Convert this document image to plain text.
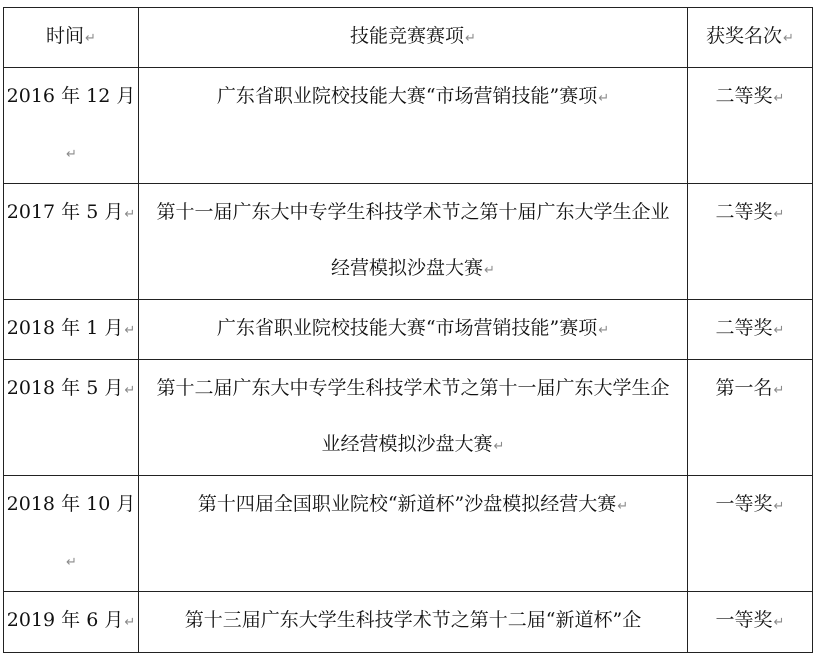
时间↵	技能竞赛赛项↵	获奖名次↵
2016 年 12 月↵	广东省职业院校技能大赛“市场营销技能”赛项↵	二等奖↵
2017 年 5 月↵	第十一届广东大中专学生科技学术节之第十届广东大学生企业经营模拟沙盘大赛↵	二等奖↵
2018 年 1 月↵	广东省职业院校技能大赛“市场营销技能”赛项↵	二等奖↵
2018 年 5 月↵	第十二届广东大中专学生科技学术节之第十一届广东大学生企业经营模拟沙盘大赛↵	第一名↵
2018 年 10 月↵	第十四届全国职业院校“新道杯”沙盘模拟经营大赛↵	一等奖↵
2019 年 6 月↵	第十三届广东大学生科技学术节之第十二届“新道杯”企	一等奖↵
